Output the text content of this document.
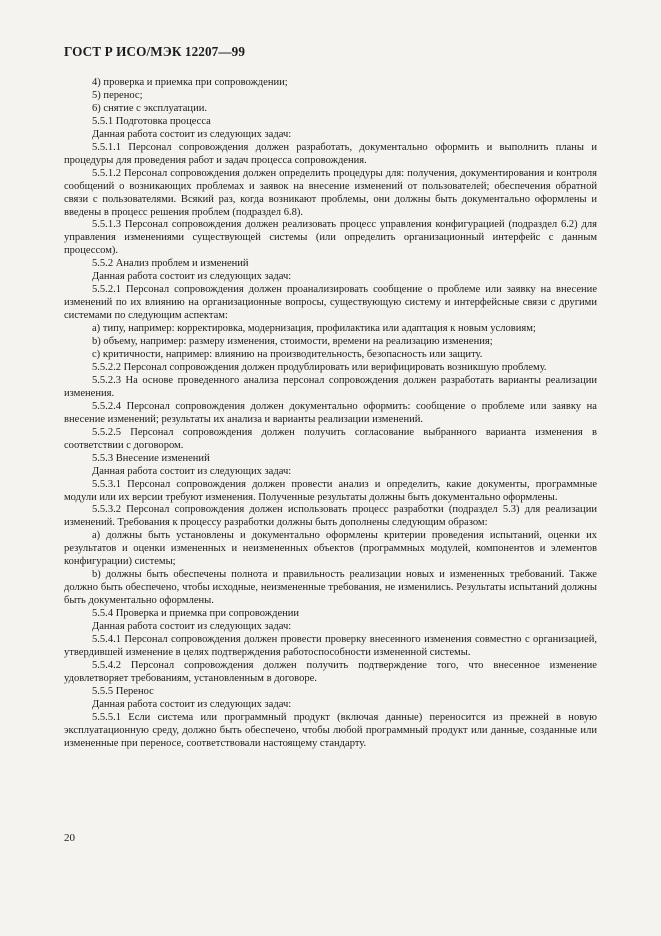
ГОСТ Р ИСО/МЭК 12207—99

4) проверка и приемка при сопровождении;

5) перенос;

6) снятие с эксплуатации.

5.5.1 Подготовка процесса

Данная работа состоит из следующих задач:

5.5.1.1 Персонал сопровождения должен разработать, документально оформить и выполнить планы и процедуры для проведения работ и задач процесса сопровождения.

5.5.1.2 Персонал сопровождения должен определить процедуры для: получения, документирования и контроля сообщений о возникающих проблемах и заявок на внесение изменений от пользователей; обеспечения обратной связи с пользователями. Всякий раз, когда возникают проблемы, они должны быть документально оформлены и введены в процесс решения проблем (подраздел 6.8).

5.5.1.3 Персонал сопровождения должен реализовать процесс управления конфигурацией (подраздел 6.2) для управления изменениями существующей системы (или определить организационный интерфейс с данным процессом).

5.5.2 Анализ проблем и изменений

Данная работа состоит из следующих задач:

5.5.2.1 Персонал сопровождения должен проанализировать сообщение о проблеме или заявку на внесение изменений по их влиянию на организационные вопросы, существующую систему и интерфейсные связи с другими системами по следующим аспектам:

а) типу, например: корректировка, модернизация, профилактика или адаптация к новым условиям;

b) объему, например: размеру изменения, стоимости, времени на реализацию изменения;

c) критичности, например: влиянию на производительность, безопасность или защиту.

5.5.2.2 Персонал сопровождения должен продублировать или верифицировать возникшую проблему.

5.5.2.3 На основе проведенного анализа персонал сопровождения должен разработать варианты реализации изменения.

5.5.2.4 Персонал сопровождения должен документально оформить: сообщение о проблеме или заявку на внесение изменений; результаты их анализа и варианты реализации изменений.

5.5.2.5 Персонал сопровождения должен получить согласование выбранного варианта изменения в соответствии с договором.

5.5.3 Внесение изменений

Данная работа состоит из следующих задач:

5.5.3.1 Персонал сопровождения должен провести анализ и определить, какие документы, программные модули или их версии требуют изменения. Полученные результаты должны быть документально оформлены.

5.5.3.2 Персонал сопровождения должен использовать процесс разработки (подраздел 5.3) для реализации изменений. Требования к процессу разработки должны быть дополнены следующим образом:

а) должны быть установлены и документально оформлены критерии проведения испытаний, оценки их результатов и оценки измененных и неизмененных объектов (программных модулей, компонентов и элементов конфигурации) системы;

b) должны быть обеспечены полнота и правильность реализации новых и измененных требований. Также должно быть обеспечено, чтобы исходные, неизмененные требования, не изменились. Результаты испытаний должны быть документально оформлены.

5.5.4 Проверка и приемка при сопровождении

Данная работа состоит из следующих задач:

5.5.4.1 Персонал сопровождения должен провести проверку внесенного изменения совместно с организацией, утвердившей изменение в целях подтверждения работоспособности измененной системы.

5.5.4.2 Персонал сопровождения должен получить подтверждение того, что внесенное изменение удовлетворяет требованиям, установленным в договоре.

5.5.5 Перенос

Данная работа состоит из следующих задач:

5.5.5.1 Если система или программный продукт (включая данные) переносится из прежней в новую эксплуатационную среду, должно быть обеспечено, чтобы любой программный продукт или данные, созданные или измененные при переносе, соответствовали настоящему стандарту.

20
